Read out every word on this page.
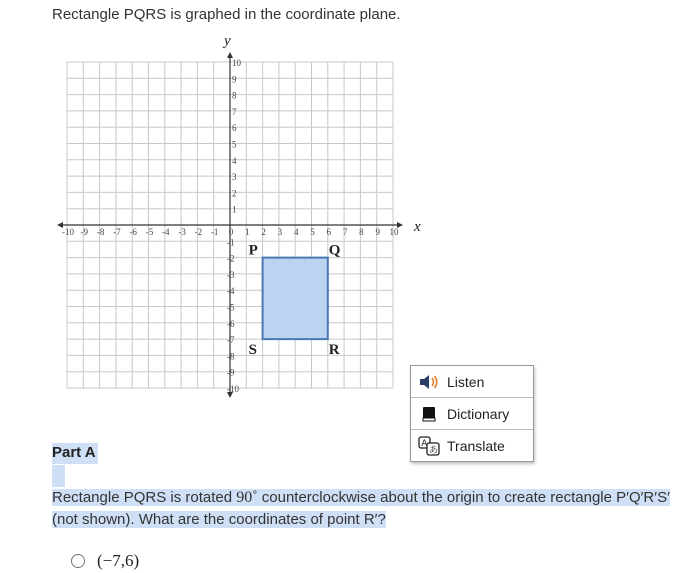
Rectangle PQRS is graphed in the coordinate plane.
-10 -9 -8 -7 -6 -5 -4 -3 -2 -1 0 1 2 3 4 5 6 7 8 9 10
1
2
3
4
5
6
7
8
9
10
-1
-2
-3
-4
-5
-6
-7
-8
-9
-10
P	Q
R
S
y
x
Listen
Dictionary
A
あ Translate
Part A
Rectangle PQRS is rotated 90˚ counterclockwise about the origin to create rectangle P′Q′R′S′ (not shown). What are the coordinates of point R′?
(−7,6)
